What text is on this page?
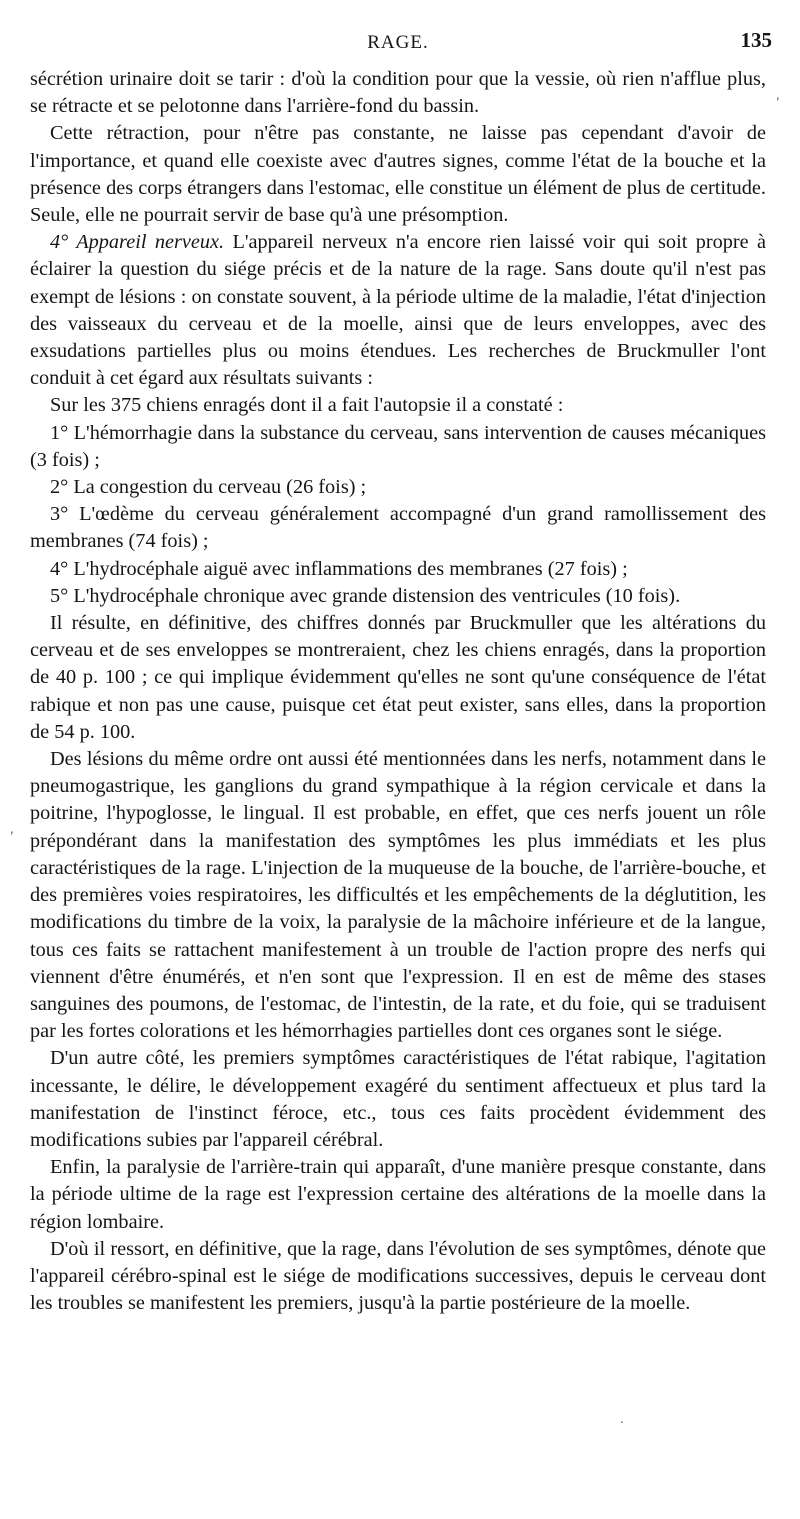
RAGE.	135

sécrétion urinaire doit se tarir : d'où la condition pour que la vessie, où rien n'afflue plus, se rétracte et se pelotonne dans l'arrière-fond du bassin.

Cette rétraction, pour n'être pas constante, ne laisse pas cependant d'avoir de l'importance, et quand elle coexiste avec d'autres signes, comme l'état de la bouche et la présence des corps étrangers dans l'estomac, elle constitue un élément de plus de certitude. Seule, elle ne pourrait servir de base qu'à une présomption.

4° Appareil nerveux. L'appareil nerveux n'a encore rien laissé voir qui soit propre à éclairer la question du siége précis et de la nature de la rage. Sans doute qu'il n'est pas exempt de lésions : on constate souvent, à la période ultime de la maladie, l'état d'injection des vaisseaux du cerveau et de la moelle, ainsi que de leurs enveloppes, avec des exsudations partielles plus ou moins étendues. Les recherches de Bruckmuller l'ont conduit à cet égard aux résultats suivants :

Sur les 375 chiens enragés dont il a fait l'autopsie il a constaté :

1° L'hémorrhagie dans la substance du cerveau, sans intervention de causes mécaniques (3 fois) ;

2° La congestion du cerveau (26 fois) ;

3° L'œdème du cerveau généralement accompagné d'un grand ramollissement des membranes (74 fois) ;

4° L'hydrocéphale aiguë avec inflammations des membranes (27 fois) ;

5° L'hydrocéphale chronique avec grande distension des ventricules (10 fois).

Il résulte, en définitive, des chiffres donnés par Bruckmuller que les altérations du cerveau et de ses enveloppes se montreraient, chez les chiens enragés, dans la proportion de 40 p. 100 ; ce qui implique évidemment qu'elles ne sont qu'une conséquence de l'état rabique et non pas une cause, puisque cet état peut exister, sans elles, dans la proportion de 54 p. 100.

Des lésions du même ordre ont aussi été mentionnées dans les nerfs, notamment dans le pneumogastrique, les ganglions du grand sympathique à la région cervicale et dans la poitrine, l'hypoglosse, le lingual. Il est probable, en effet, que ces nerfs jouent un rôle prépondérant dans la manifestation des symptômes les plus immédiats et les plus caractéristiques de la rage. L'injection de la muqueuse de la bouche, de l'arrière-bouche, et des premières voies respiratoires, les difficultés et les empêchements de la déglutition, les modifications du timbre de la voix, la paralysie de la mâchoire inférieure et de la langue, tous ces faits se rattachent manifestement à un trouble de l'action propre des nerfs qui viennent d'être énumérés, et n'en sont que l'expression. Il en est de même des stases sanguines des poumons, de l'estomac, de l'intestin, de la rate, et du foie, qui se traduisent par les fortes colorations et les hémorrhagies partielles dont ces organes sont le siége.

D'un autre côté, les premiers symptômes caractéristiques de l'état rabique, l'agitation incessante, le délire, le développement exagéré du sentiment affectueux et plus tard la manifestation de l'instinct féroce, etc., tous ces faits procèdent évidemment des modifications subies par l'appareil cérébral.

Enfin, la paralysie de l'arrière-train qui apparaît, d'une manière presque constante, dans la période ultime de la rage est l'expression certaine des altérations de la moelle dans la région lombaire.

D'où il ressort, en définitive, que la rage, dans l'évolution de ses symptômes, dénote que l'appareil cérébro-spinal est le siége de modifications successives, depuis le cerveau dont les troubles se manifestent les premiers, jusqu'à la partie postérieure de la moelle.

,
,
.
